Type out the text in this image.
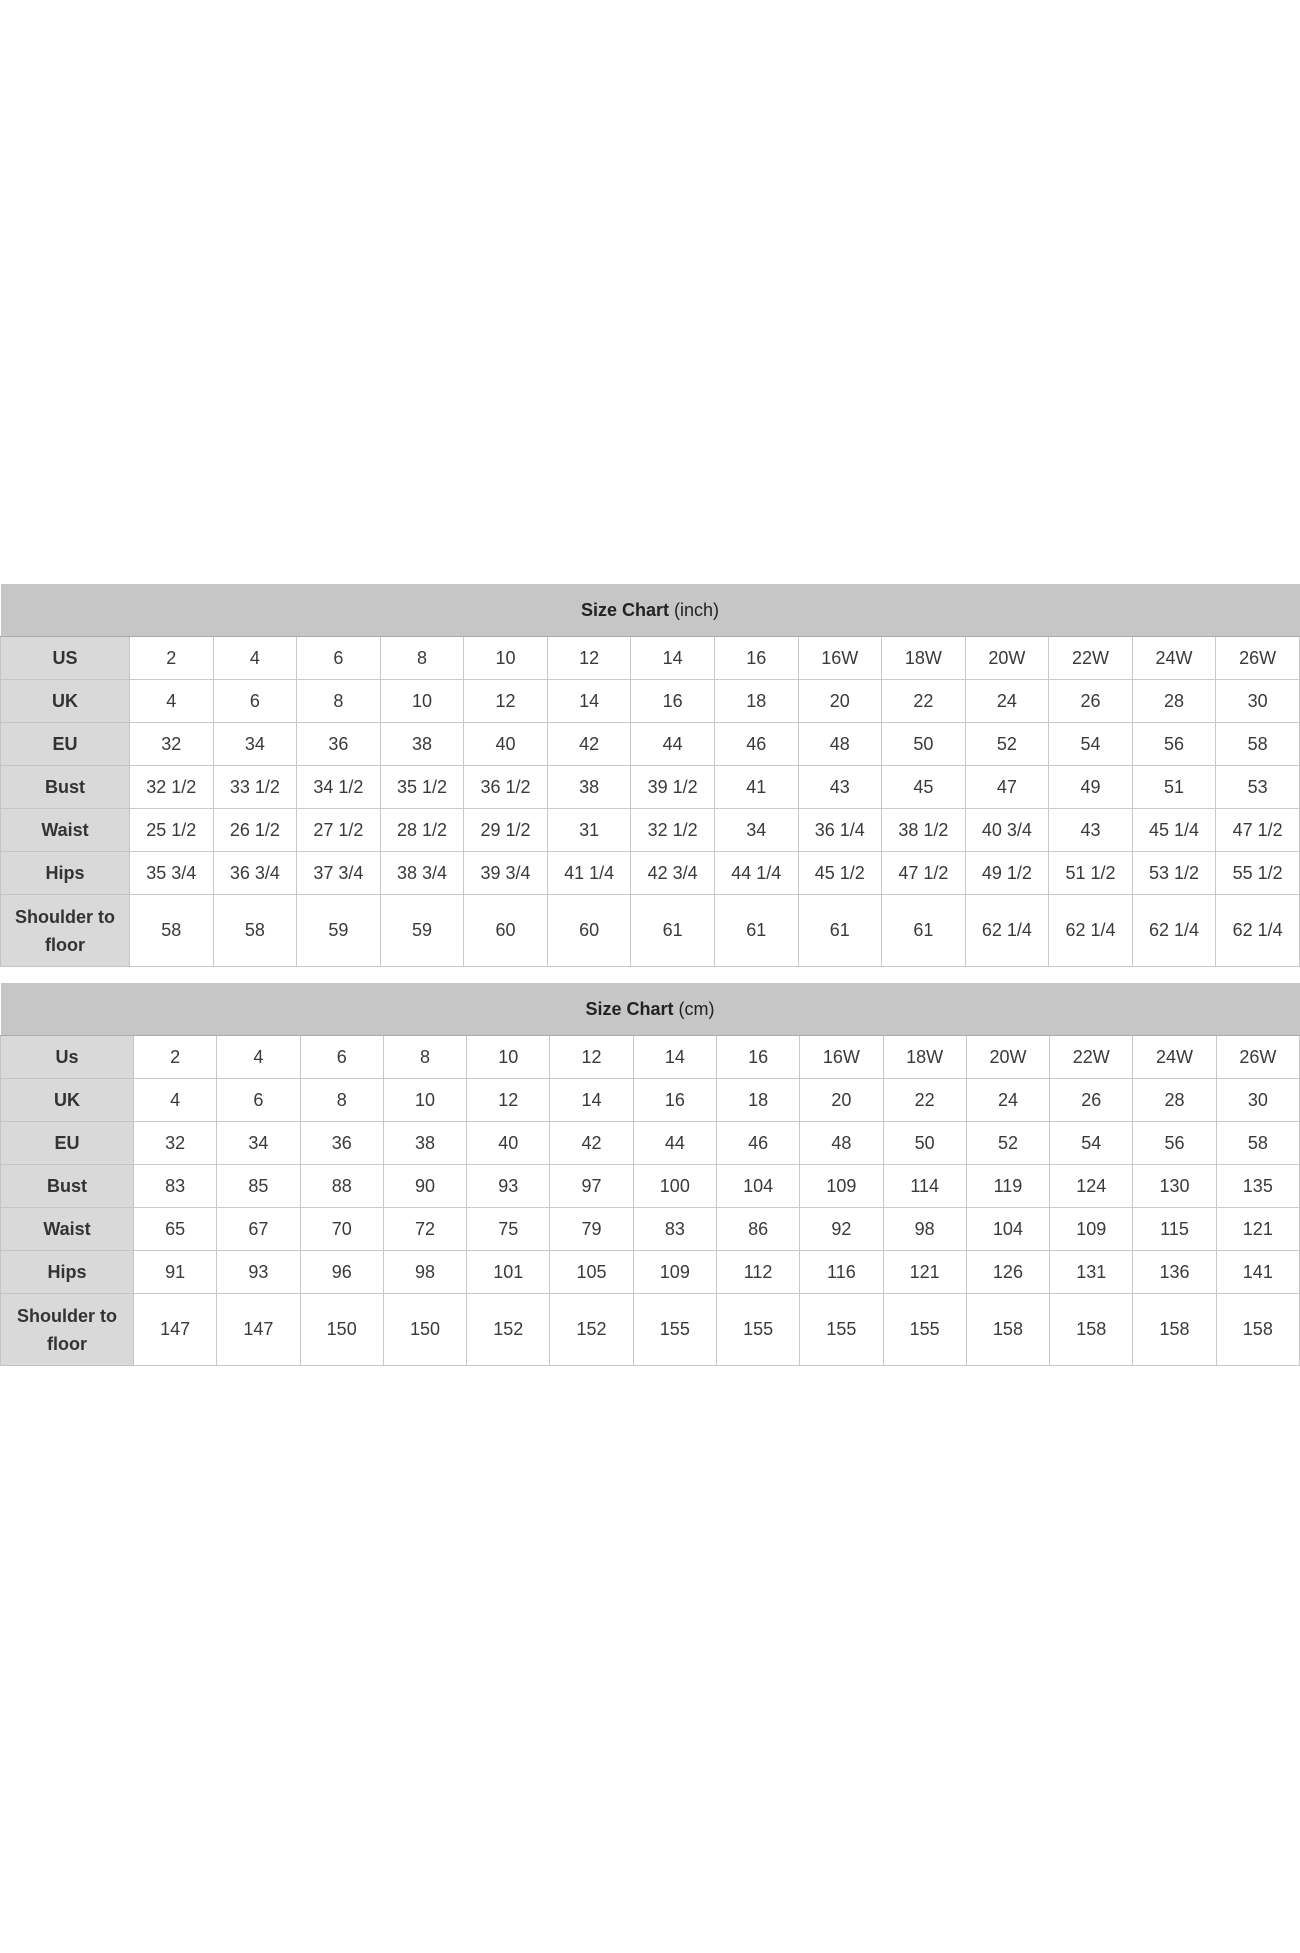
Size Chart (inch)														
US	2	4	6	8	10	12	14	16	16W	18W	20W	22W	24W	26W
UK	4	6	8	10	12	14	16	18	20	22	24	26	28	30
EU	32	34	36	38	40	42	44	46	48	50	52	54	56	58
Bust	32 1/2	33 1/2	34 1/2	35 1/2	36 1/2	38	39 1/2	41	43	45	47	49	51	53
Waist	25 1/2	26 1/2	27 1/2	28 1/2	29 1/2	31	32 1/2	34	36 1/4	38 1/2	40 3/4	43	45 1/4	47 1/2
Hips	35 3/4	36 3/4	37 3/4	38 3/4	39 3/4	41 1/4	42 3/4	44 1/4	45 1/2	47 1/2	49 1/2	51 1/2	53 1/2	55 1/2
Shoulder to floor	58	58	59	59	60	60	61	61	61	61	62 1/4	62 1/4	62 1/4	62 1/4
Size Chart (cm)														
Us	2	4	6	8	10	12	14	16	16W	18W	20W	22W	24W	26W
UK	4	6	8	10	12	14	16	18	20	22	24	26	28	30
EU	32	34	36	38	40	42	44	46	48	50	52	54	56	58
Bust	83	85	88	90	93	97	100	104	109	114	119	124	130	135
Waist	65	67	70	72	75	79	83	86	92	98	104	109	115	121
Hips	91	93	96	98	101	105	109	112	116	121	126	131	136	141
Shoulder to floor	147	147	150	150	152	152	155	155	155	155	158	158	158	158
